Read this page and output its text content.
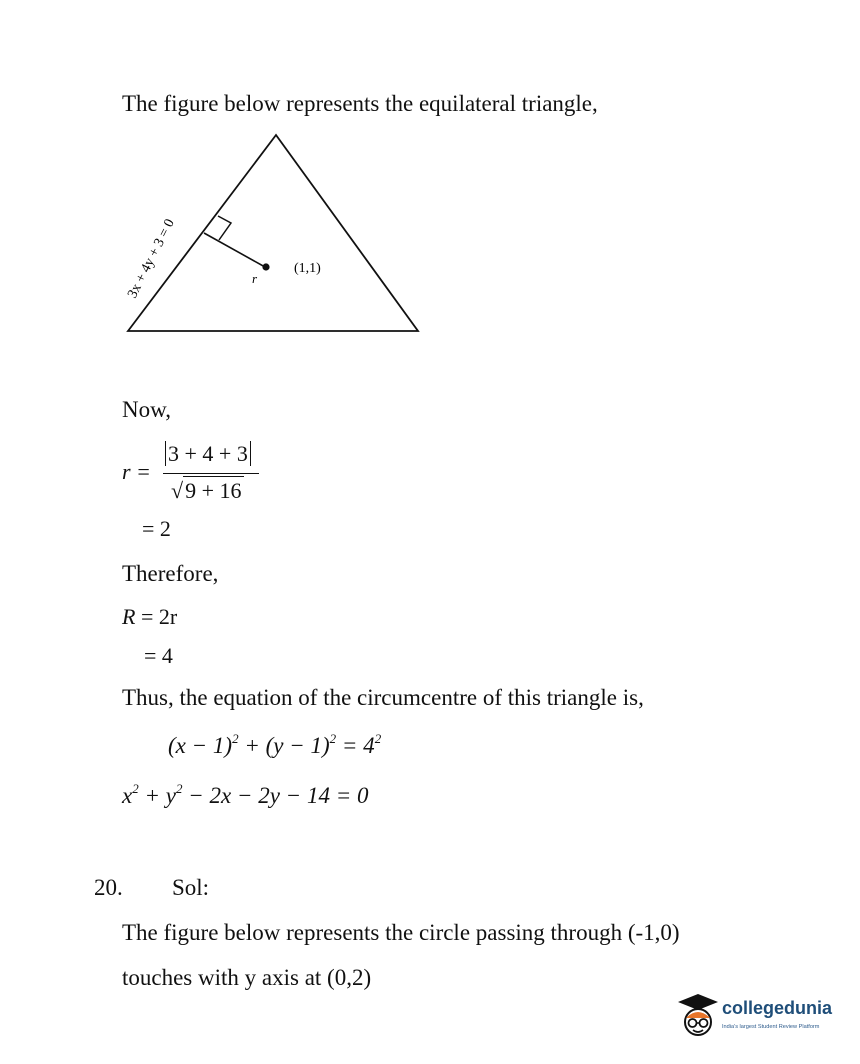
The figure below represents the equilateral triangle,
r
(1,1)
3x + 4y + 3 = 0
Now,
r =
3 + 4 + 3
√9 + 16
= 2
Therefore,
R = 2r
= 4
Thus, the equation of the circumcentre of this triangle is,
$(x - 1)^2 + (y - 1)^2 = 4^2$
$x^2 + y^2 - 2x - 2y - 14 = 0$
20. Sol:
The figure below represents the circle passing through (-1,0)
touches with y axis at (0,2)
collegedunia
India's largest Student Review Platform
